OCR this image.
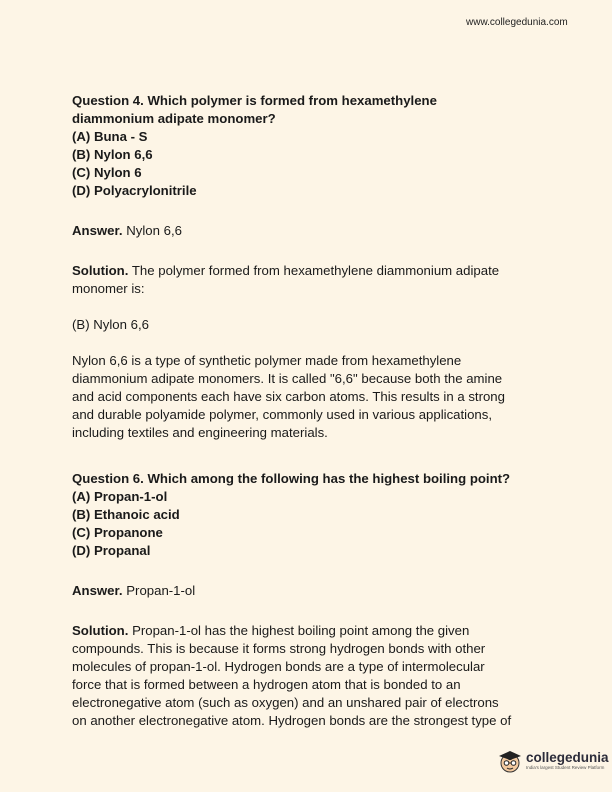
www.collegedunia.com

Question 4. Which polymer is formed from hexamethylene
diammonium adipate monomer?

(A) Buna - S
(B) Nylon 6,6
(C) Nylon 6
(D) Polyacrylonitrile

Answer. Nylon 6,6

Solution. The polymer formed from hexamethylene diammonium adipate
monomer is:

(B) Nylon 6,6

Nylon 6,6 is a type of synthetic polymer made from hexamethylene
diammonium adipate monomers. It is called "6,6" because both the amine
and acid components each have six carbon atoms. This results in a strong
and durable polyamide polymer, commonly used in various applications,
including textiles and engineering materials.

Question 6. Which among the following has the highest boiling point?

(A) Propan-1-ol
(B) Ethanoic acid
(C) Propanone
(D) Propanal

Answer. Propan-1-ol

Solution. Propan-1-ol has the highest boiling point among the given
compounds. This is because it forms strong hydrogen bonds with other
molecules of propan-1-ol. Hydrogen bonds are a type of intermolecular
force that is formed between a hydrogen atom that is bonded to an
electronegative atom (such as oxygen) and an unshared pair of electrons
on another electronegative atom. Hydrogen bonds are the strongest type of

collegedunia
India's largest Student Review Platform
